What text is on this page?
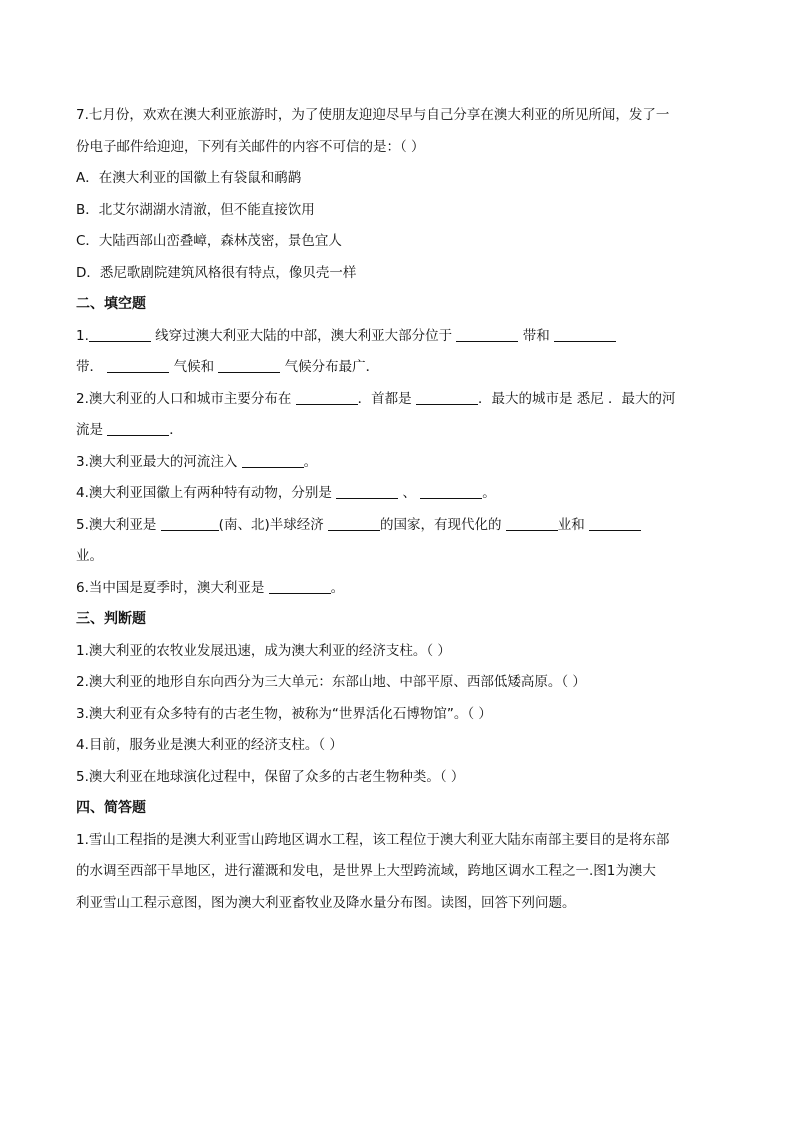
7.七月份，欢欢在澳大利亚旅游时，为了使朋友迎迎尽早与自己分享在澳大利亚的所见所闻，发了一
份电子邮件给迎迎，下列有关邮件的内容不可信的是：（ ）
A．在澳大利亚的国徽上有袋鼠和鸸鹋
B．北艾尔湖湖水清澈，但不能直接饮用
C．大陆西部山峦叠嶂，森林茂密，景色宜人
D．悉尼歌剧院建筑风格很有特点，像贝壳一样
二、填空题
1.	线穿过澳大利亚大陆的中部，澳大利亚大部分位于	带和
带．	气候和	气候分布最广．
2.澳大利亚的人口和城市主要分布在	．首都是	．最大的城市是 悉尼 ．最大的河
流是	．
3.澳大利亚最大的河流注入	。
4.澳大利亚国徽上有两种特有动物，分别是	、	。
5.澳大利亚是	(南、北)半球经济	的国家，有现代化的	业和
业。
6.当中国是夏季时，澳大利亚是	。
三、判断题
1.澳大利亚的农牧业发展迅速，成为澳大利亚的经济支柱。（ ）
2.澳大利亚的地形自东向西分为三大单元：东部山地、中部平原、西部低矮高原。（ ）
3.澳大利亚有众多特有的古老生物，被称为“世界活化石博物馆”。（ ）
4.目前，服务业是澳大利亚的经济支柱。（ ）
5.澳大利亚在地球演化过程中，保留了众多的古老生物种类。（ ）
四、简答题
1.雪山工程指的是澳大利亚雪山跨地区调水工程，该工程位于澳大利亚大陆东南部主要目的是将东部
的水调至西部干旱地区，进行灌溉和发电，是世界上大型跨流域，跨地区调水工程之一.图1为澳大
利亚雪山工程示意图，图为澳大利亚畜牧业及降水量分布图。读图，回答下列问题。
